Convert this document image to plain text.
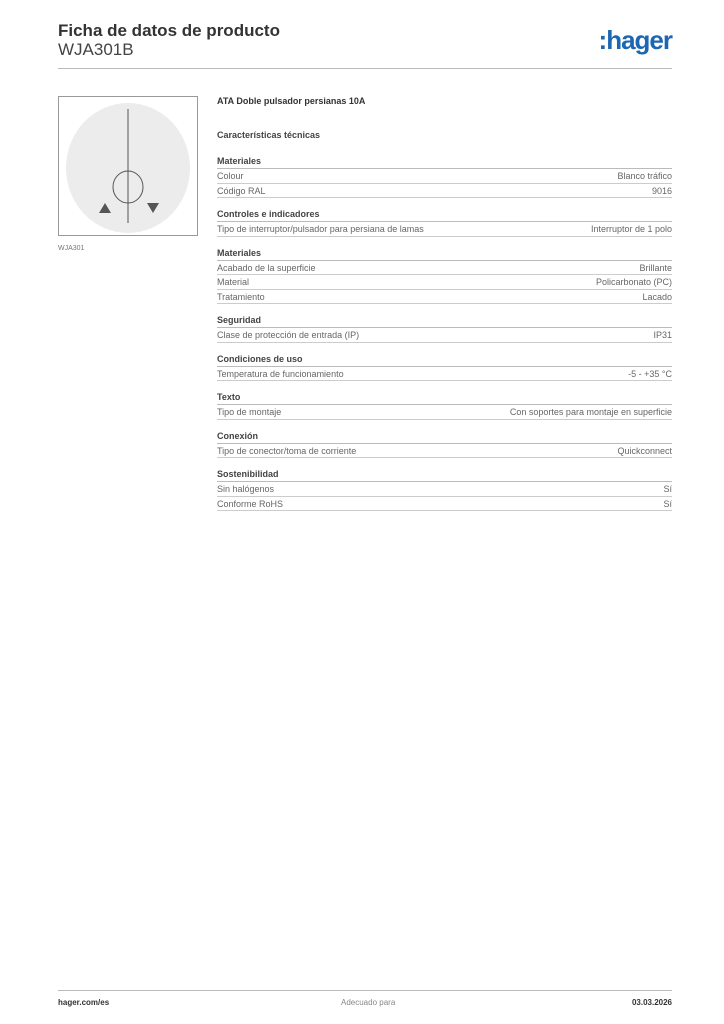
Ficha de datos de producto
WJA301B	:hager
WJA301
ATA Doble pulsador persianas 10A
Características técnicas
Materiales
Colour	Blanco tráfico
Código RAL	9016
Controles e indicadores
Tipo de interruptor/pulsador para persiana de lamas	Interruptor de 1 polo
Materiales
Acabado de la superficie	Brillante
Material	Policarbonato (PC)
Tratamiento	Lacado
Seguridad
Clase de protección de entrada (IP)	IP31
Condiciones de uso
Temperatura de funcionamiento	-5 - +35 °C
Texto
Tipo de montaje	Con soportes para montaje en superficie
Conexión
Tipo de conector/toma de corriente	Quickconnect
Sostenibilidad
Sin halógenos	Sí
Conforme RoHS	Sí
hager.com/es	Adecuado para	03.03.2026
